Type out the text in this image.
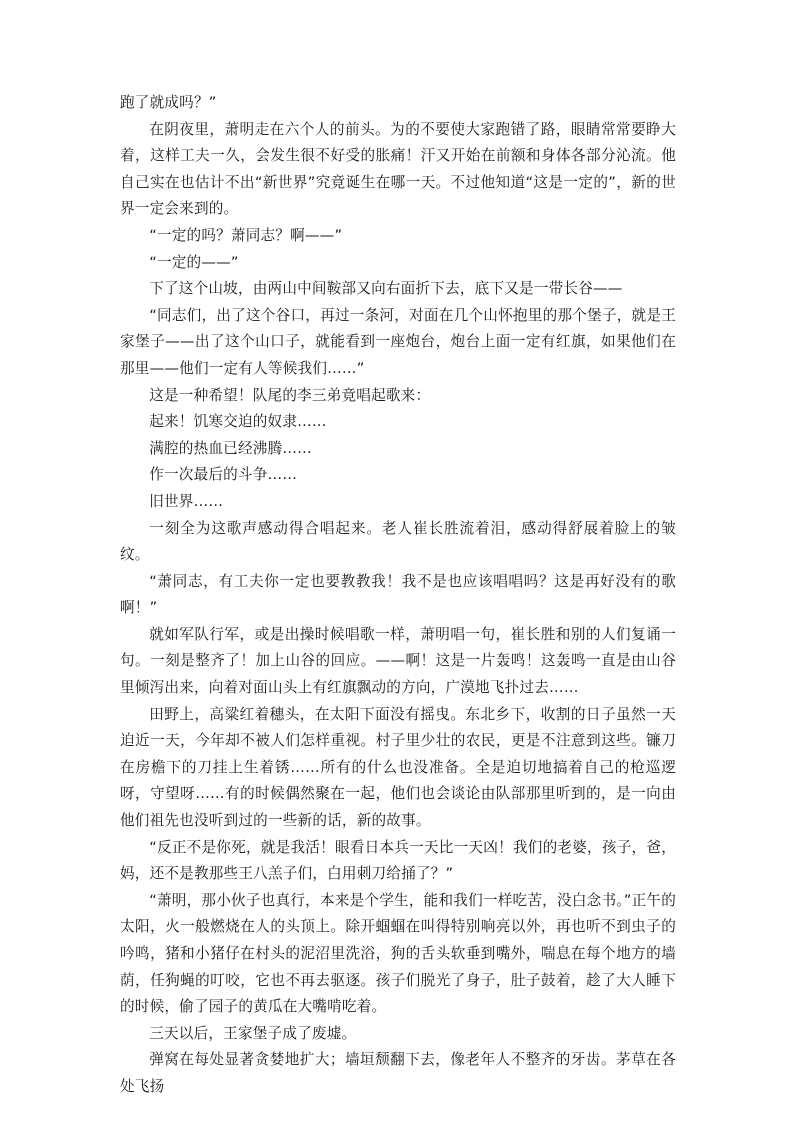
跑了就成吗？”

在阴夜里，萧明走在六个人的前头。为的不要使大家跑错了路，眼睛常常要睁大着，这样工夫一久，会发生很不好受的胀痛！汗又开始在前额和身体各部分沁流。他自己实在也估计不出“新世界”究竟诞生在哪一天。不过他知道“这是一定的”，新的世界一定会来到的。

“一定的吗？萧同志？啊——”

“一定的——”

下了这个山坡，由两山中间鞍部又向右面折下去，底下又是一带长谷——

“同志们，出了这个谷口，再过一条河，对面在几个山怀抱里的那个堡子，就是王家堡子——出了这个山口子，就能看到一座炮台，炮台上面一定有红旗，如果他们在那里——他们一定有人等候我们……”

这是一种希望！队尾的李三弟竟唱起歌来：

起来！饥寒交迫的奴隶……

满腔的热血已经沸腾……

作一次最后的斗争……

旧世界……

一刻全为这歌声感动得合唱起来。老人崔长胜流着泪，感动得舒展着脸上的皱纹。

“萧同志，有工夫你一定也要教教我！我不是也应该唱唱吗？这是再好没有的歌啊！”

就如军队行军，或是出操时候唱歌一样，萧明唱一句，崔长胜和别的人们复诵一句。一刻是整齐了！加上山谷的回应。——啊！这是一片轰鸣！这轰鸣一直是由山谷里倾泻出来，向着对面山头上有红旗飘动的方向，广漠地飞扑过去……

田野上，高粱红着穗头，在太阳下面没有摇曳。东北乡下，收割的日子虽然一天迫近一天，今年却不被人们怎样重视。村子里少壮的农民，更是不注意到这些。镰刀在房檐下的刀挂上生着锈……所有的什么也没准备。全是迫切地搞着自己的枪巡逻呀，守望呀……有的时候偶然聚在一起，他们也会谈论由队部那里听到的，是一向由他们祖先也没听到过的一些新的话，新的故事。

“反正不是你死，就是我活！眼看日本兵一天比一天凶！我们的老婆，孩子，爸，妈，还不是教那些王八羔子们，白用刺刀给捅了？”

“萧明，那小伙子也真行，本来是个学生，能和我们一样吃苦，没白念书。”正午的太阳，火一般燃烧在人的头顶上。除开蝈蝈在叫得特别响亮以外，再也听不到虫子的吟鸣，猪和小猪仔在村头的泥沼里洗浴，狗的舌头软垂到嘴外，喘息在每个地方的墙荫，任狗蝇的叮咬，它也不再去驱逐。孩子们脱光了身子，肚子鼓着，趁了大人睡下的时候，偷了园子的黄瓜在大嘴啃吃着。

三天以后，王家堡子成了废墟。

弹窝在每处显著贪婪地扩大；墙垣颓翻下去，像老年人不整齐的牙齿。茅草在各处飞扬
